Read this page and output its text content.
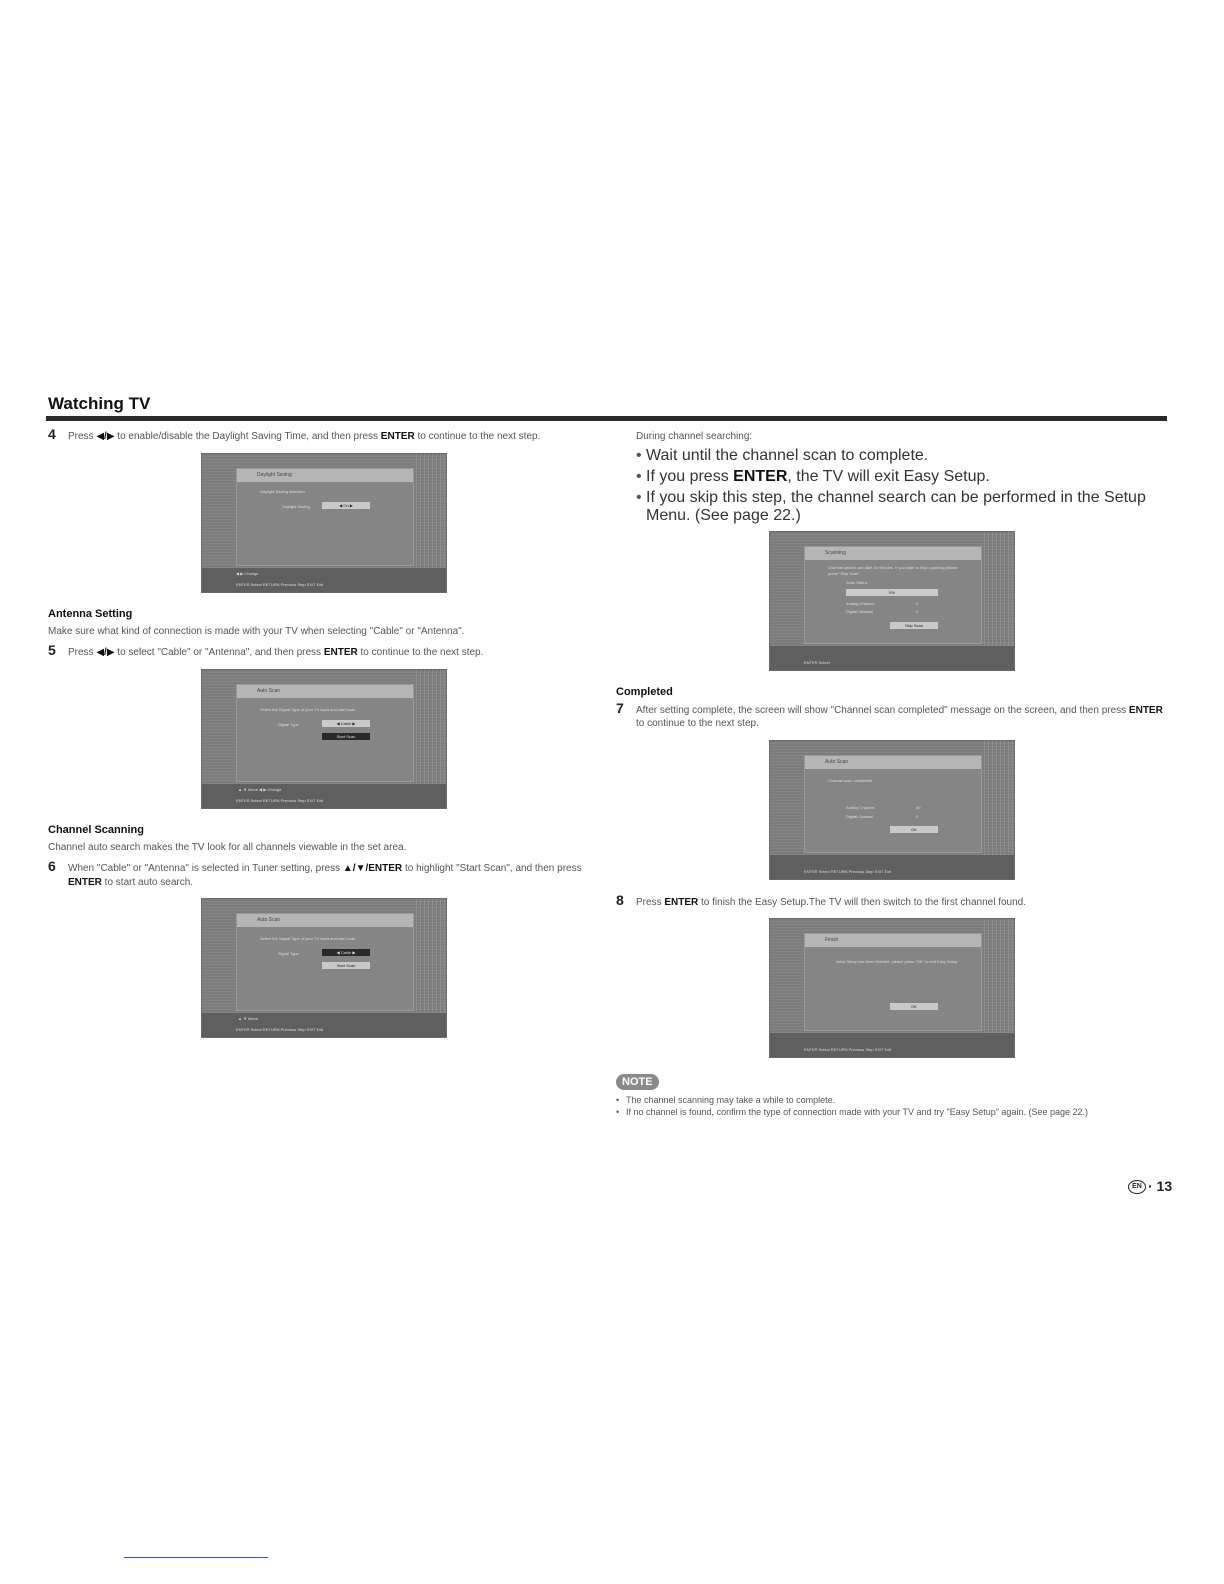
Watching TV
4 Press ◀/▶ to enable/disable the Daylight Saving Time, and then press ENTER to continue to the next step.
Daylight Saving
Daylight Saving selection
Daylight Saving	◀ On ▶
◀ ▶ Change
ENTER Select RETURN Previous Step EXIT Exit
Antenna Setting

Make sure what kind of connection is made with your TV when selecting "Cable" or "Antenna".

5 Press ◀/▶ to select "Cable" or "Antenna", and then press ENTER to continue to the next step.
Auto Scan
Select the Signal Type of your TV input and start scan.
Signal Type	◀ Cable ▶
Start Scan
▲ ▼ Move ◀ ▶ Change
ENTER Select RETURN Previous Step EXIT Exit
Channel Scanning

Channel auto search makes the TV look for all channels viewable in the set area.

6 When "Cable" or "Antenna" is selected in Tuner setting, press ▲/▼/ENTER to highlight "Start Scan", and then press ENTER to start auto search.
Auto Scan
Select the Signal Type of your TV input and start scan.
Signal Type	◀ Cable ▶
Start Scan
▲ ▼ Move
ENTER Select RETURN Previous Step EXIT Exit

During channel searching:

• Wait until the channel scan to complete.
• If you press ENTER, the TV will exit Easy Setup.
• If you skip this step, the channel search can be performed in the Setup Menu. (See page 22.)
Scanning
Channel search can take 30 minutes. If you want to stop scanning please
press "Skip Scan".
Scan Status
0%
Analog Channel	0
Digital Channel	0
Skip Scan
ENTER Select
Completed
7 After setting complete, the screen will show "Channel scan completed" message on the screen, and then press ENTER to continue to the next step.
Auto Scan
Channel scan completed.
Analog Channel	69
Digital Channel	0
OK
ENTER Select RETURN Previous Step EXIT Exit
8 Press ENTER to finish the Easy Setup.The TV will then switch to the first channel found.
Finish
Initial Setup has been finished. please press "OK" to exit Easy Setup.
OK
ENTER Select RETURN Previous Step EXIT Exit
NOTE
• The channel scanning may take a while to complete.
• If no channel is found, confirm the type of connection made with your TV and try "Easy Setup" again. (See page 22.)
EN · 13
